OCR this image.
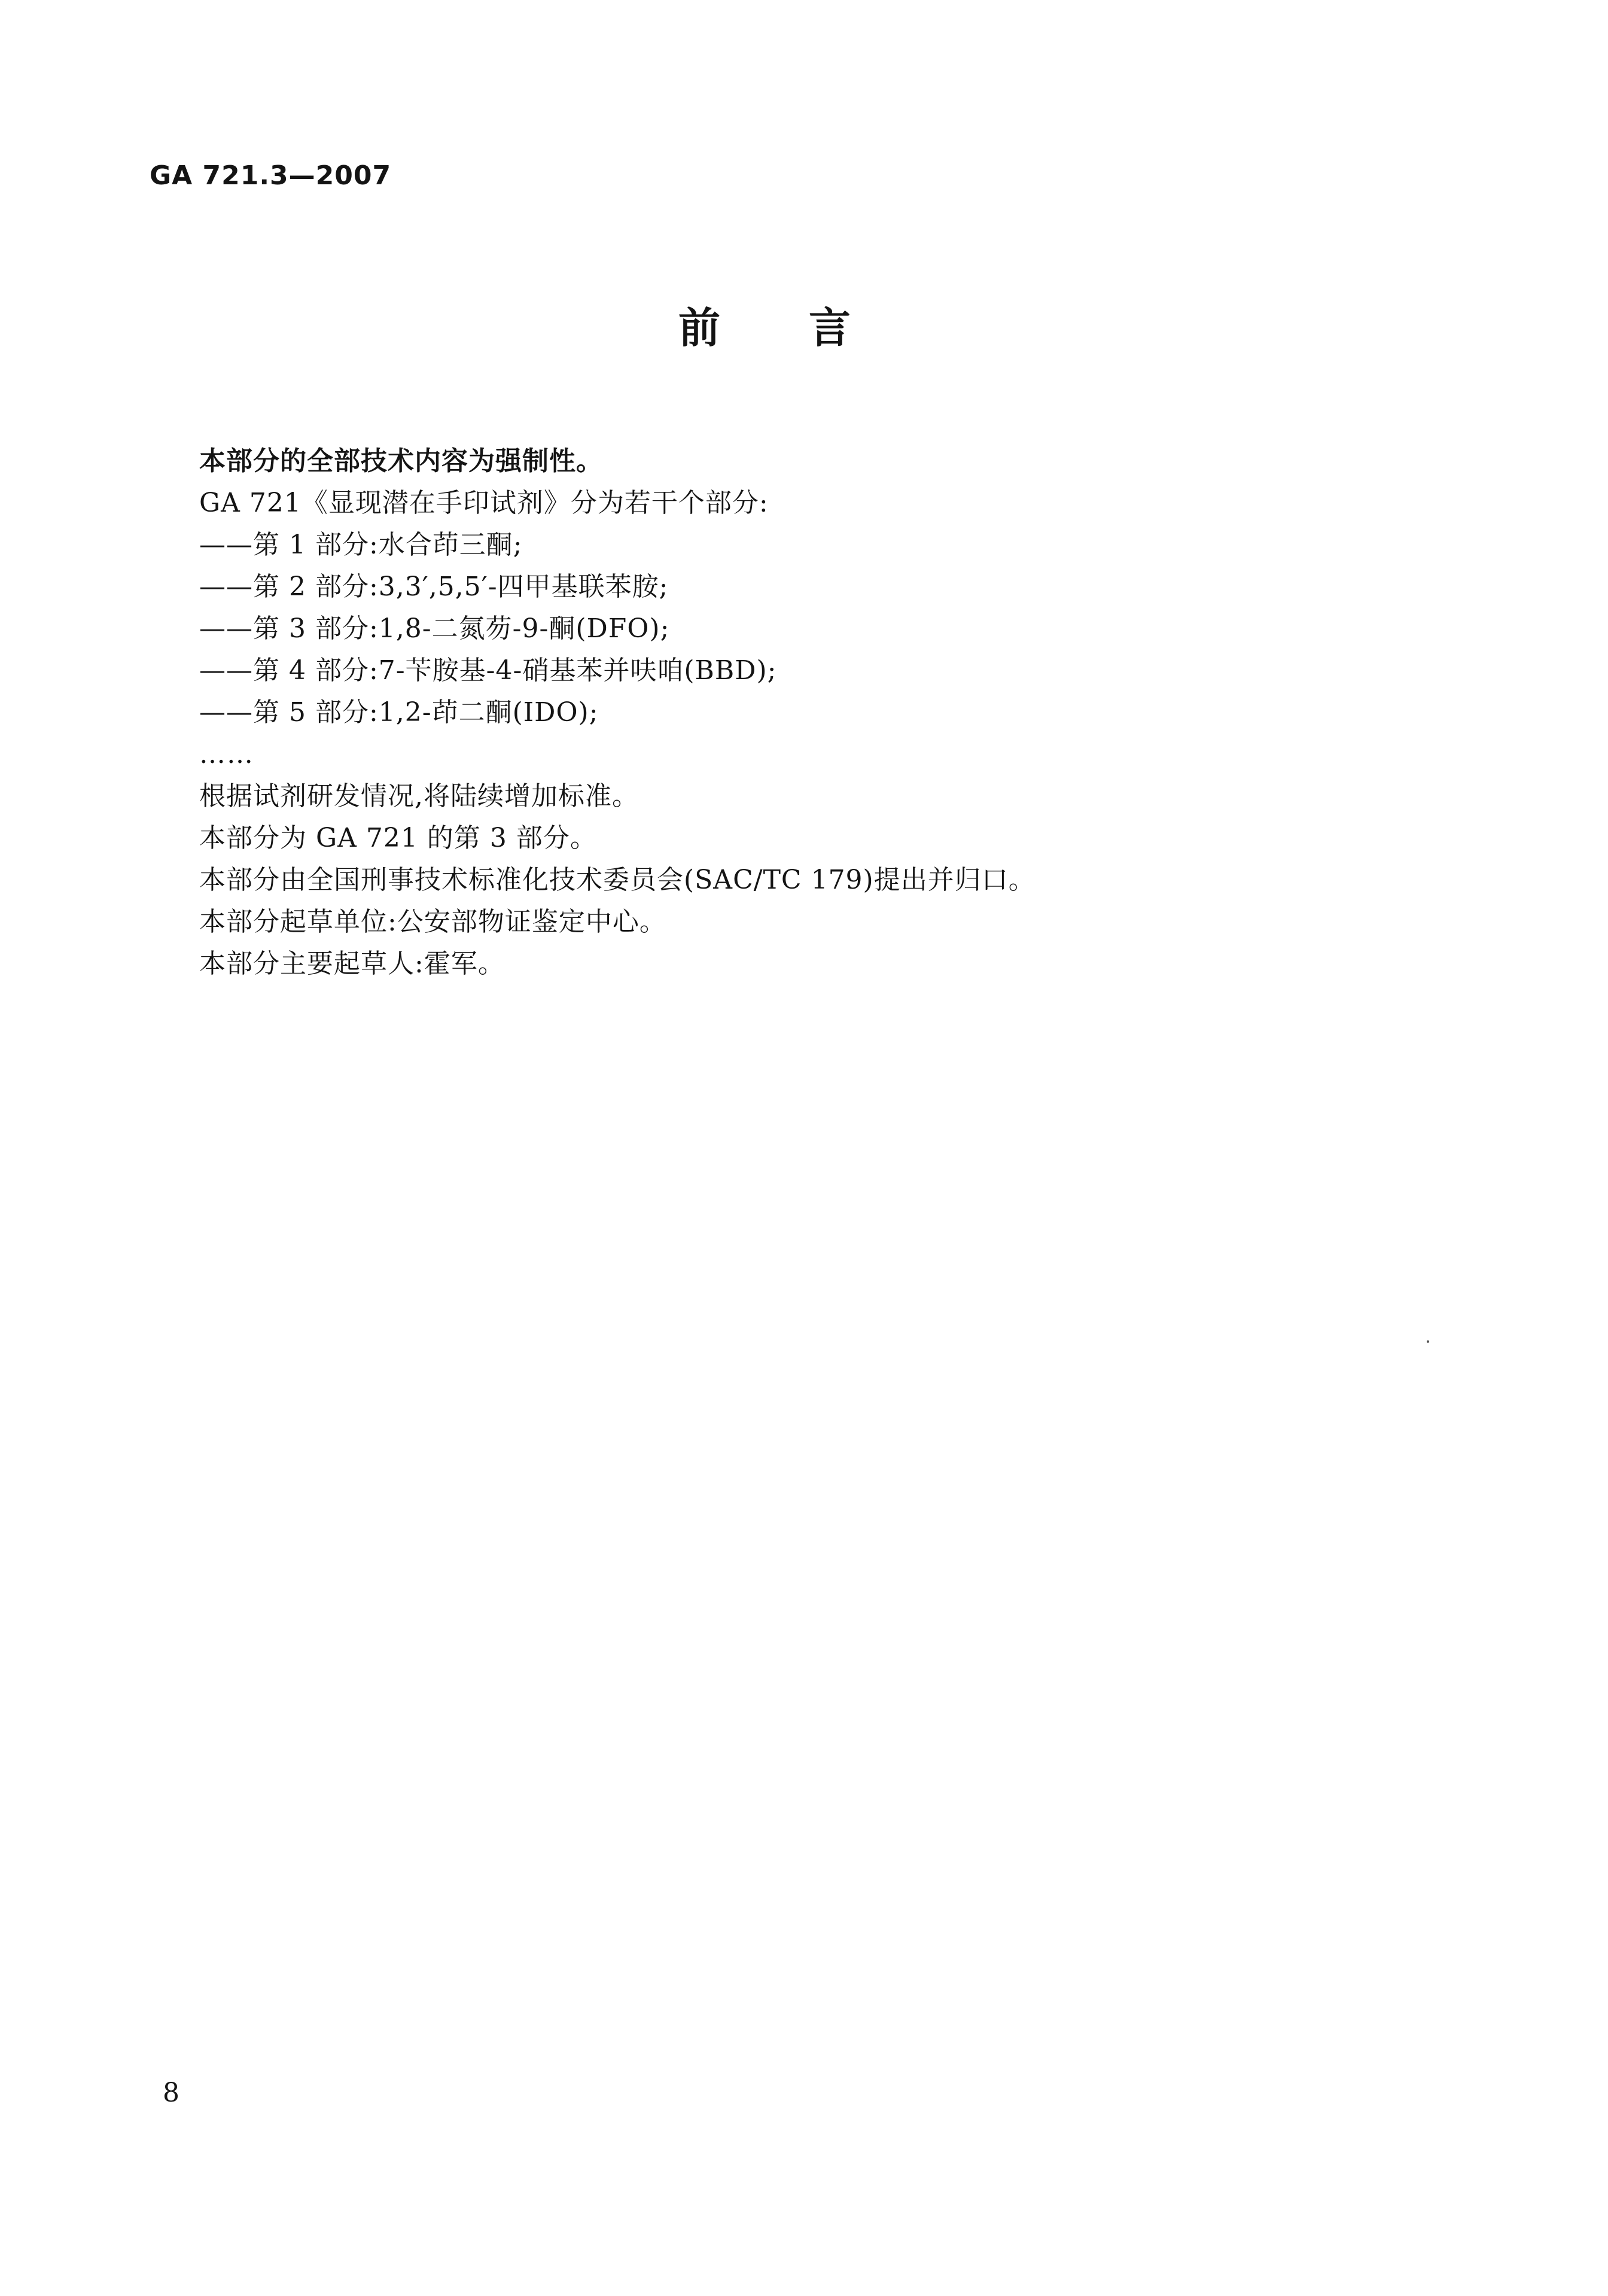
GA 721.3—2007
前言
本部分的全部技术内容为强制性。
GA 721《显现潜在手印试剂》分为若干个部分:
——第 1 部分:水合茚三酮;
——第 2 部分:3,3′,5,5′-四甲基联苯胺;
——第 3 部分:1,8-二氮芴-9-酮(DFO);
——第 4 部分:7-苄胺基-4-硝基苯并呋咱(BBD);
——第 5 部分:1,2-茚二酮(IDO);
……
根据试剂研发情况,将陆续增加标准。
本部分为 GA 721 的第 3 部分。
本部分由全国刑事技术标准化技术委员会(SAC/TC 179)提出并归口。
本部分起草单位:公安部物证鉴定中心。
本部分主要起草人:霍军。
8
